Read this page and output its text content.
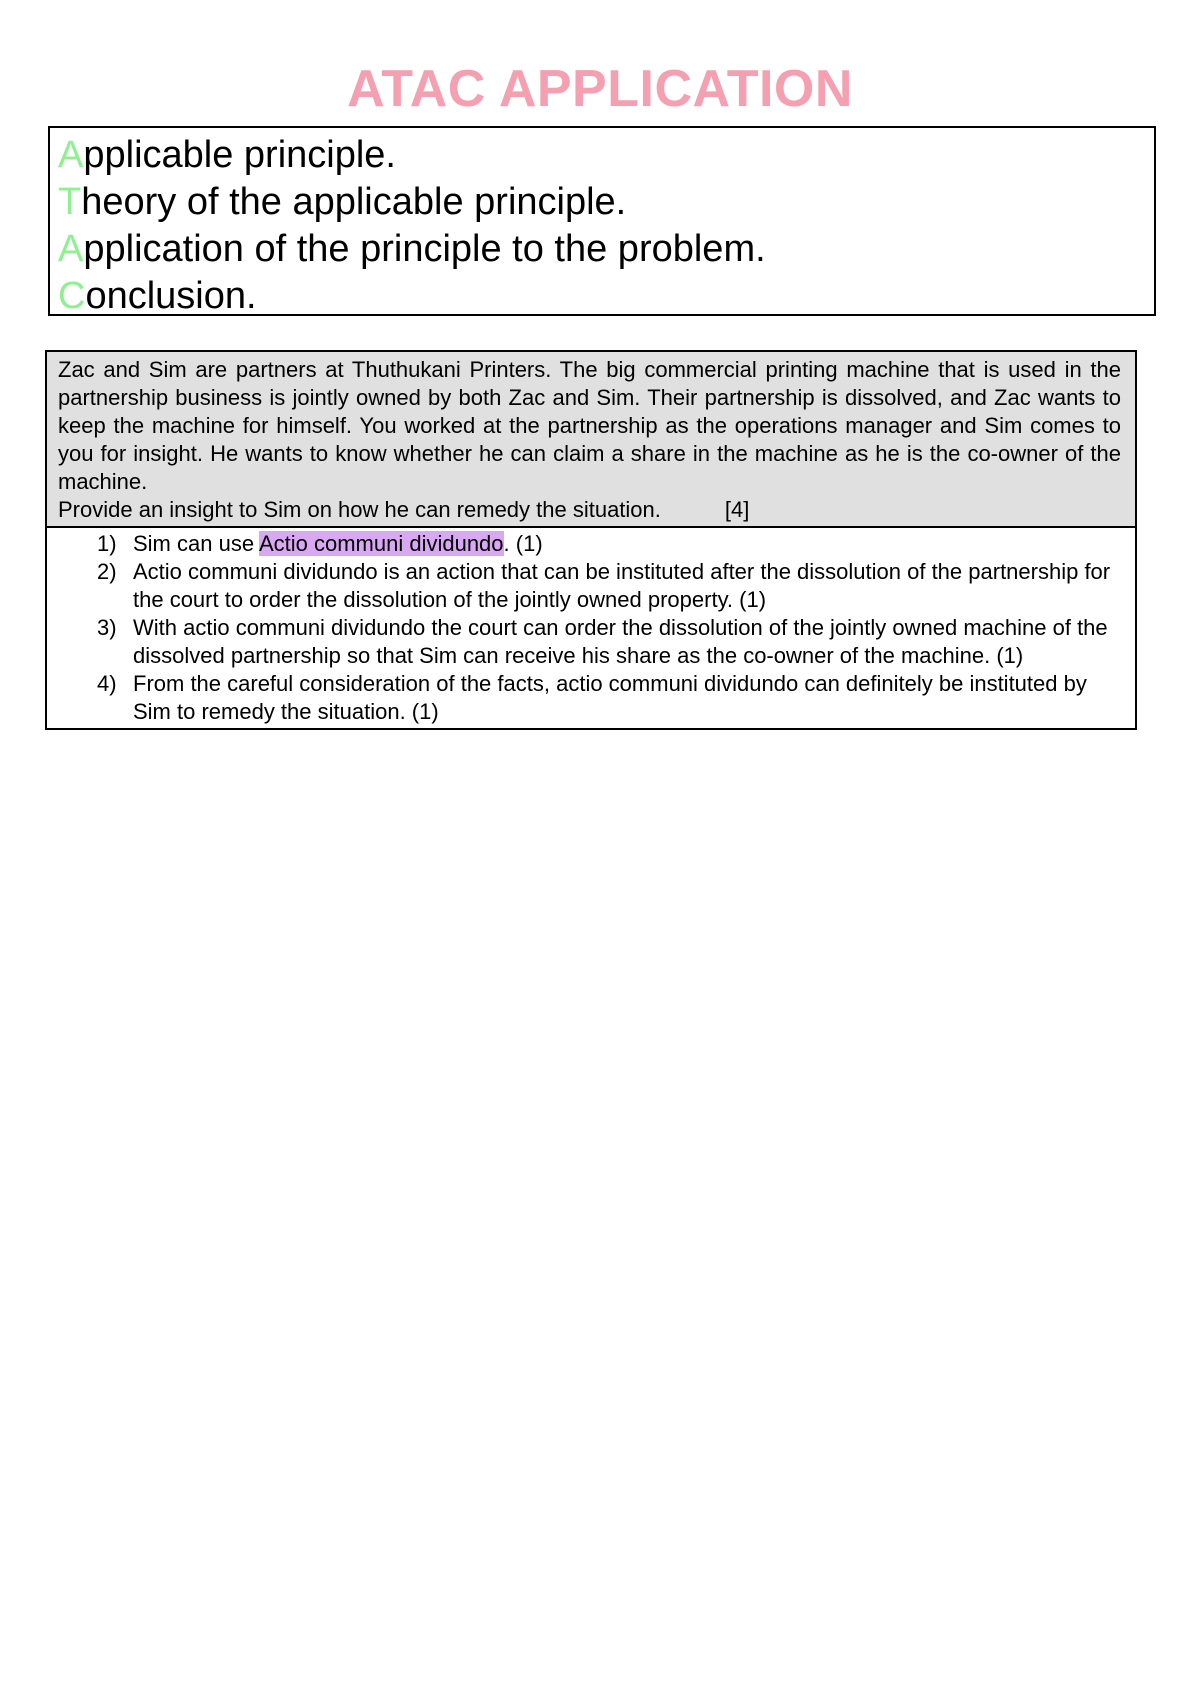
ATAC APPLICATION
Applicable principle.
Theory of the applicable principle.
Application of the principle to the problem.
Conclusion.
Zac and Sim are partners at Thuthukani Printers. The big commercial printing machine that is used in the partnership business is jointly owned by both Zac and Sim. Their partnership is dissolved, and Zac wants to keep the machine for himself. You worked at the partnership as the operations manager and Sim comes to you for insight. He wants to know whether he can claim a share in the machine as he is the co-owner of the machine.
Provide an insight to Sim on how he can remedy the situation.	[4]
1) Sim can use Actio communi dividundo. (1)
2) Actio communi dividundo is an action that can be instituted after the dissolution of the partnership for the court to order the dissolution of the jointly owned property. (1)
3) With actio communi dividundo the court can order the dissolution of the jointly owned machine of the dissolved partnership so that Sim can receive his share as the co-owner of the machine. (1)
4) From the careful consideration of the facts, actio communi dividundo can definitely be instituted by Sim to remedy the situation. (1)
